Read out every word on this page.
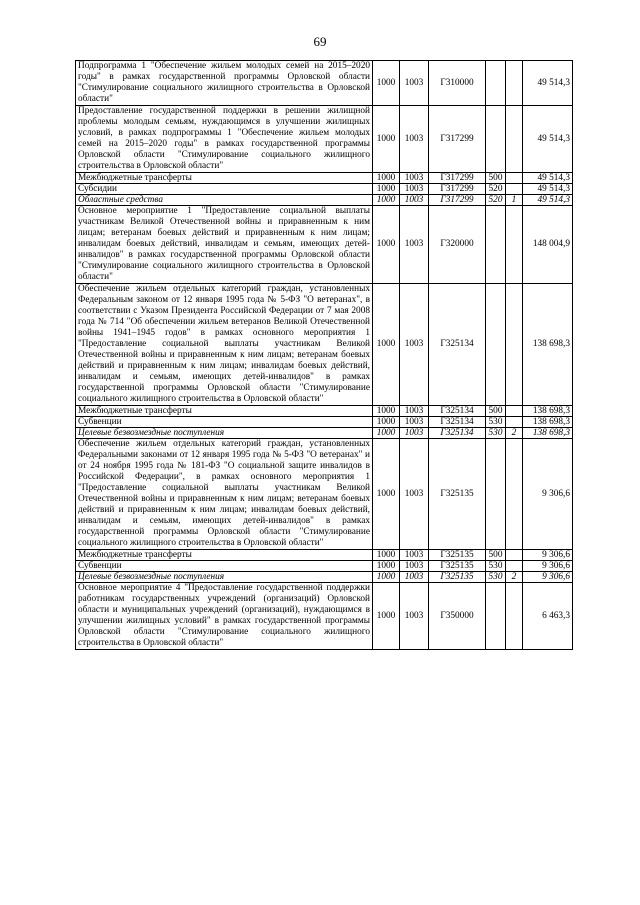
69
Подпрограмма 1 "Обеспечение жильем молодых семей на 2015–2020 годы" в рамках государственной программы Орловской области "Стимулирование социального жилищного строительства в Орловской области"	1000	1003	Г310000			49 514,3
Предоставление государственной поддержки в решении жилищной проблемы молодым семьям, нуждающимся в улучшении жилищных условий, в рамках подпрограммы 1 "Обеспечение жильем молодых семей на 2015–2020 годы" в рамках государственной программы Орловской области "Стимулирование социального жилищного строительства в Орловской области"	1000	1003	Г317299			49 514,3
Межбюджетные трансферты	1000	1003	Г317299	500		49 514,3
Субсидии	1000	1003	Г317299	520		49 514,3
Областные средства	1000	1003	Г317299	520	1	49 514,3
Основное мероприятие 1 "Предоставление социальной выплаты участникам Великой Отечественной войны и приравненным к ним лицам; ветеранам боевых действий и приравненным к ним лицам; инвалидам боевых действий, инвалидам и семьям, имеющих детей-инвалидов" в рамках государственной программы Орловской области "Стимулирование социального жилищного строительства в Орловской области"	1000	1003	Г320000			148 004,9
Обеспечение жильем отдельных категорий граждан, установленных Федеральным законом от 12 января 1995 года № 5-ФЗ "О ветеранах", в соответствии с Указом Президента Российской Федерации от 7 мая 2008 года № 714 "Об обеспечении жильем ветеранов Великой Отечественной войны 1941–1945 годов" в рамках основного мероприятия 1 "Предоставление социальной выплаты участникам Великой Отечественной войны и приравненным к ним лицам; ветеранам боевых действий и приравненным к ним лицам; инвалидам боевых действий, инвалидам и семьям, имеющих детей-инвалидов" в рамках государственной программы Орловской области "Стимулирование социального жилищного строительства в Орловской области"	1000	1003	Г325134			138 698,3
Межбюджетные трансферты	1000	1003	Г325134	500		138 698,3
Субвенции	1000	1003	Г325134	530		138 698,3
Целевые безвозмездные поступления	1000	1003	Г325134	530	2	138 698,3
Обеспечение жильем отдельных категорий граждан, установленных Федеральными законами от 12 января 1995 года № 5-ФЗ "О ветеранах" и от 24 ноября 1995 года № 181-ФЗ "О социальной защите инвалидов в Российской Федерации", в рамках основного мероприятия 1 "Предоставление социальной выплаты участникам Великой Отечественной войны и приравненным к ним лицам; ветеранам боевых действий и приравненным к ним лицам; инвалидам боевых действий, инвалидам и семьям, имеющих детей-инвалидов" в рамках государственной программы Орловской области "Стимулирование социального жилищного строительства в Орловской области"	1000	1003	Г325135			9 306,6
Межбюджетные трансферты	1000	1003	Г325135	500		9 306,6
Субвенции	1000	1003	Г325135	530		9 306,6
Целевые безвозмездные поступления	1000	1003	Г325135	530	2	9 306,6
Основное мероприятие 4 "Предоставление государственной поддержки работникам государственных учреждений (организаций) Орловской области и муниципальных учреждений (организаций), нуждающимся в улучшении жилищных условий" в рамках государственной программы Орловской области "Стимулирование социального жилищного строительства в Орловской области"	1000	1003	Г350000			6 463,3
